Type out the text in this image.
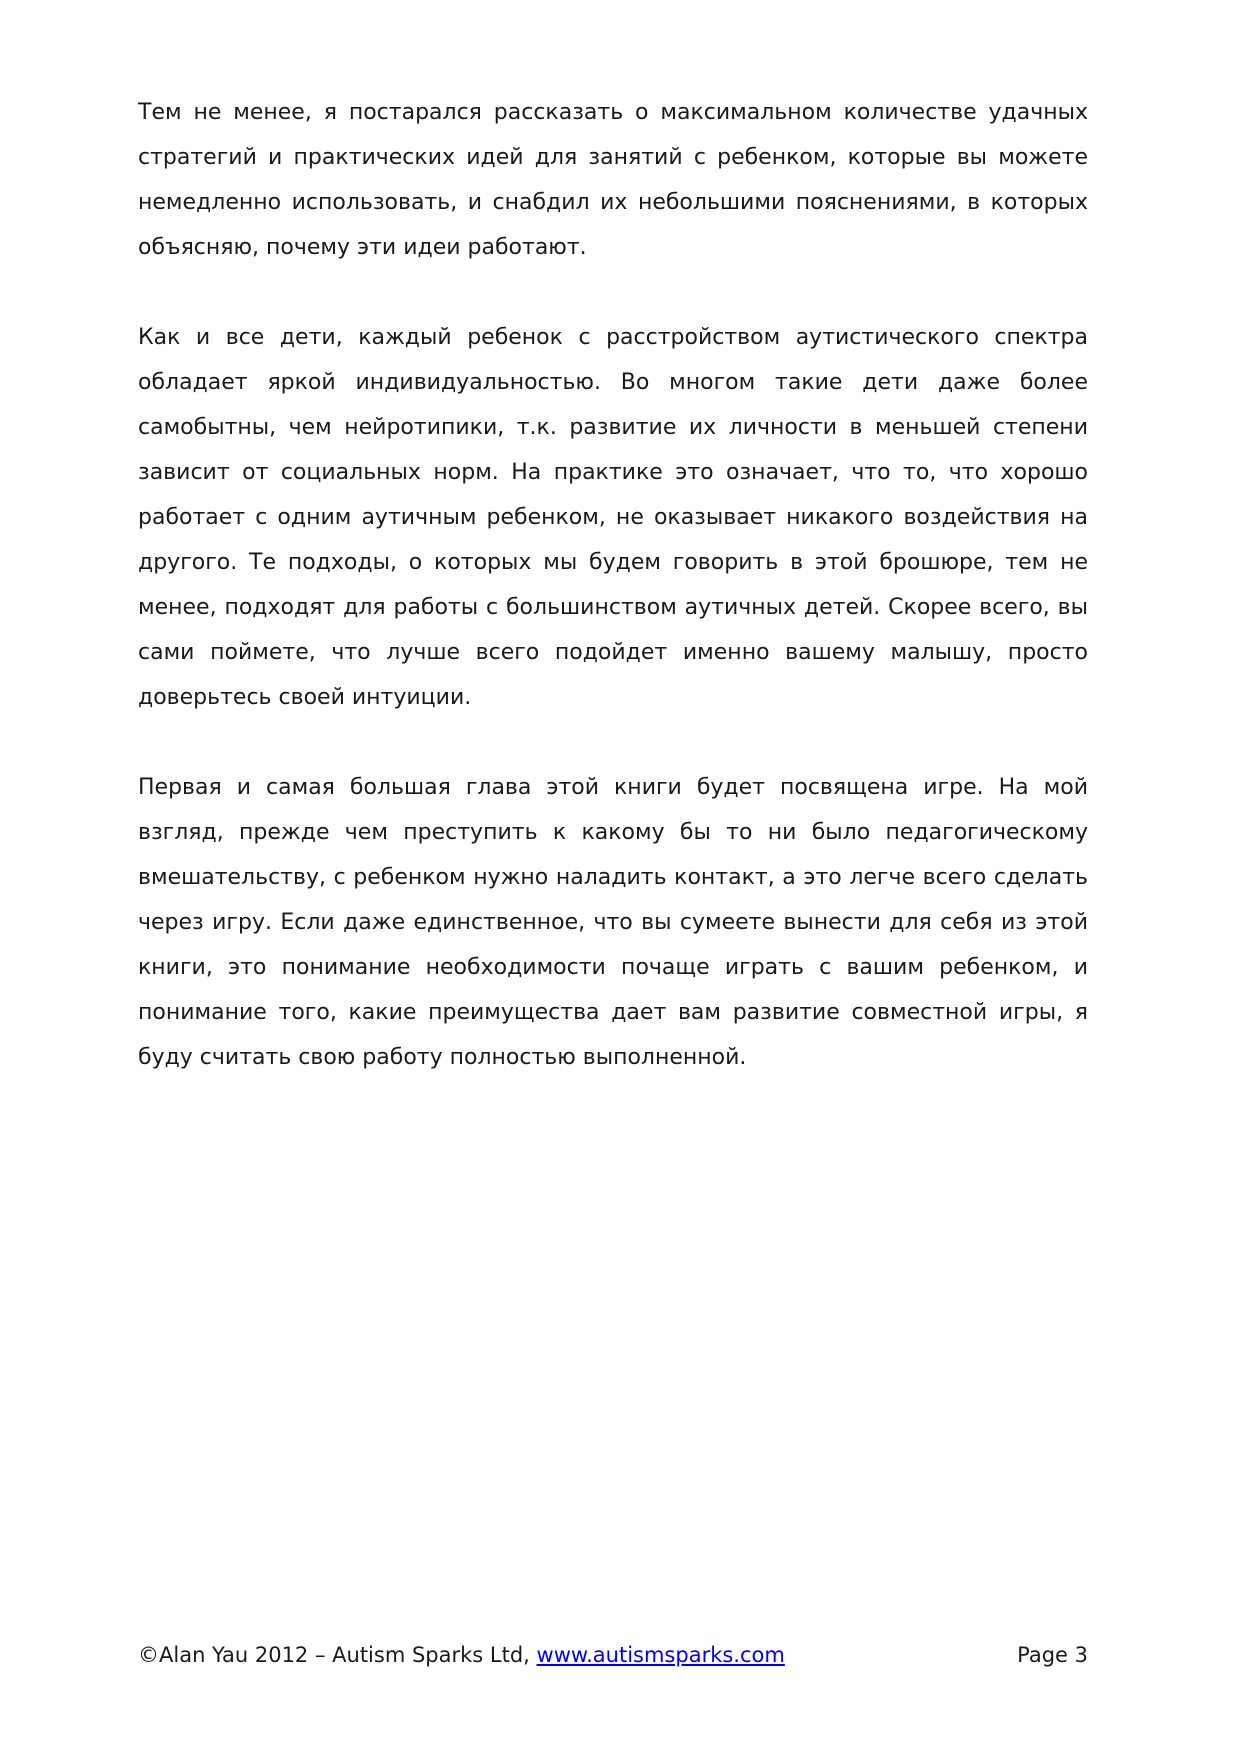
Тем не менее, я постарался рассказать о максимальном количестве удачных стратегий и практических идей для занятий с ребенком, которые вы можете немедленно использовать, и снабдил их небольшими пояснениями, в которых объясняю, почему эти идеи работают.

Как и все дети, каждый ребенок с расстройством аутистического спектра обладает яркой индивидуальностью. Во многом такие дети даже более самобытны, чем нейротипики, т.к. развитие их личности в меньшей степени зависит от социальных норм. На практике это означает, что то, что хорошо работает с одним аутичным ребенком, не оказывает никакого воздействия на другого. Те подходы, о которых мы будем говорить в этой брошюре, тем не менее, подходят для работы с большинством аутичных детей. Скорее всего, вы сами поймете, что лучше всего подойдет именно вашему малышу, просто доверьтесь своей интуиции.

Первая и самая большая глава этой книги будет посвящена игре. На мой взгляд, прежде чем преступить к какому бы то ни было педагогическому вмешательству, с ребенком нужно наладить контакт, а это легче всего сделать через игру. Если даже единственное, что вы сумеете вынести для себя из этой книги, это понимание необходимости почаще играть с вашим ребенком, и понимание того, какие преимущества дает вам развитие совместной игры, я буду считать свою работу полностью выполненной.

©Alan Yau 2012 – Autism Sparks Ltd, www.autismsparks.com	Page 3
